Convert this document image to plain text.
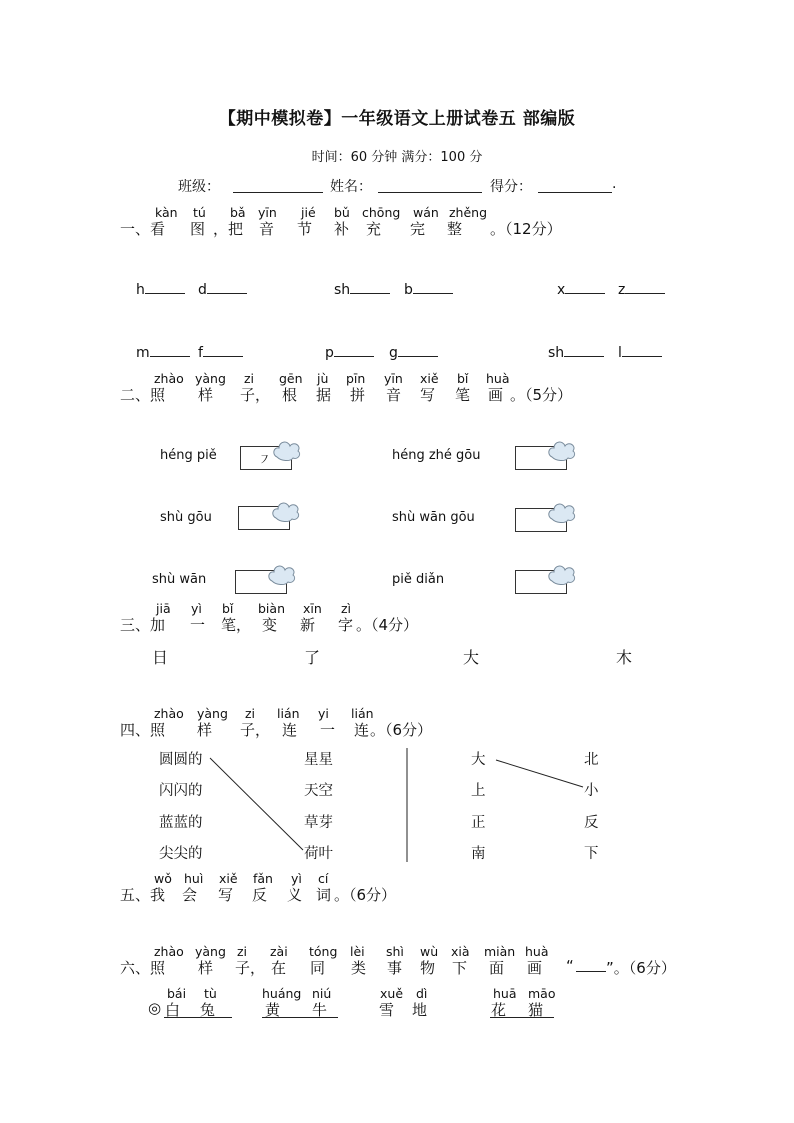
【期中模拟卷】一年级语文上册试卷五 部编版
时间：60 分钟 满分：100 分
班级：	姓名：	得分：	.
一、
kàn tú bǎ yīn jié bǔ chōng wán zhěng
看 图	音
，把	节 补 充 完 整 。（12分）
h	d	sh	b	x	z
m	f	p	g	sh	l
二、
zhào yàng zi gēn jù pīn yīn xiě bǐ huà
照 样 子， 根 据 拼 音 写 笔 画 。（5分）
héng piě	㇇	héng zhé gōu
shù gōu	shù wān gōu
shù wān	piě diǎn
三、
jiā yì bǐ biàn xīn zì
加 一 笔， 变 新 字 。（4分）
日	了	大	木
四、
zhào yàng zi lián yi lián
照 样 子， 连 一 连 。（6分）
圆圆的
闪闪的
蓝蓝的
尖尖的
星星
天空
草芽
荷叶
大
上
正
南
北
小
反
下
五、
wǒ huì xiě fǎn yì cí
我 会 写 反 义 词 。（6分）
六、
zhào yàng zi zài tóng lèi shì wù xià miàn huà
照 样 子， 在 同 类 事 物 下 面 画 “ ”。（6分）
◎
bái tù
白 兔
huáng niú
黄 牛
xuě dì
雪 地
huā māo
花 猫
